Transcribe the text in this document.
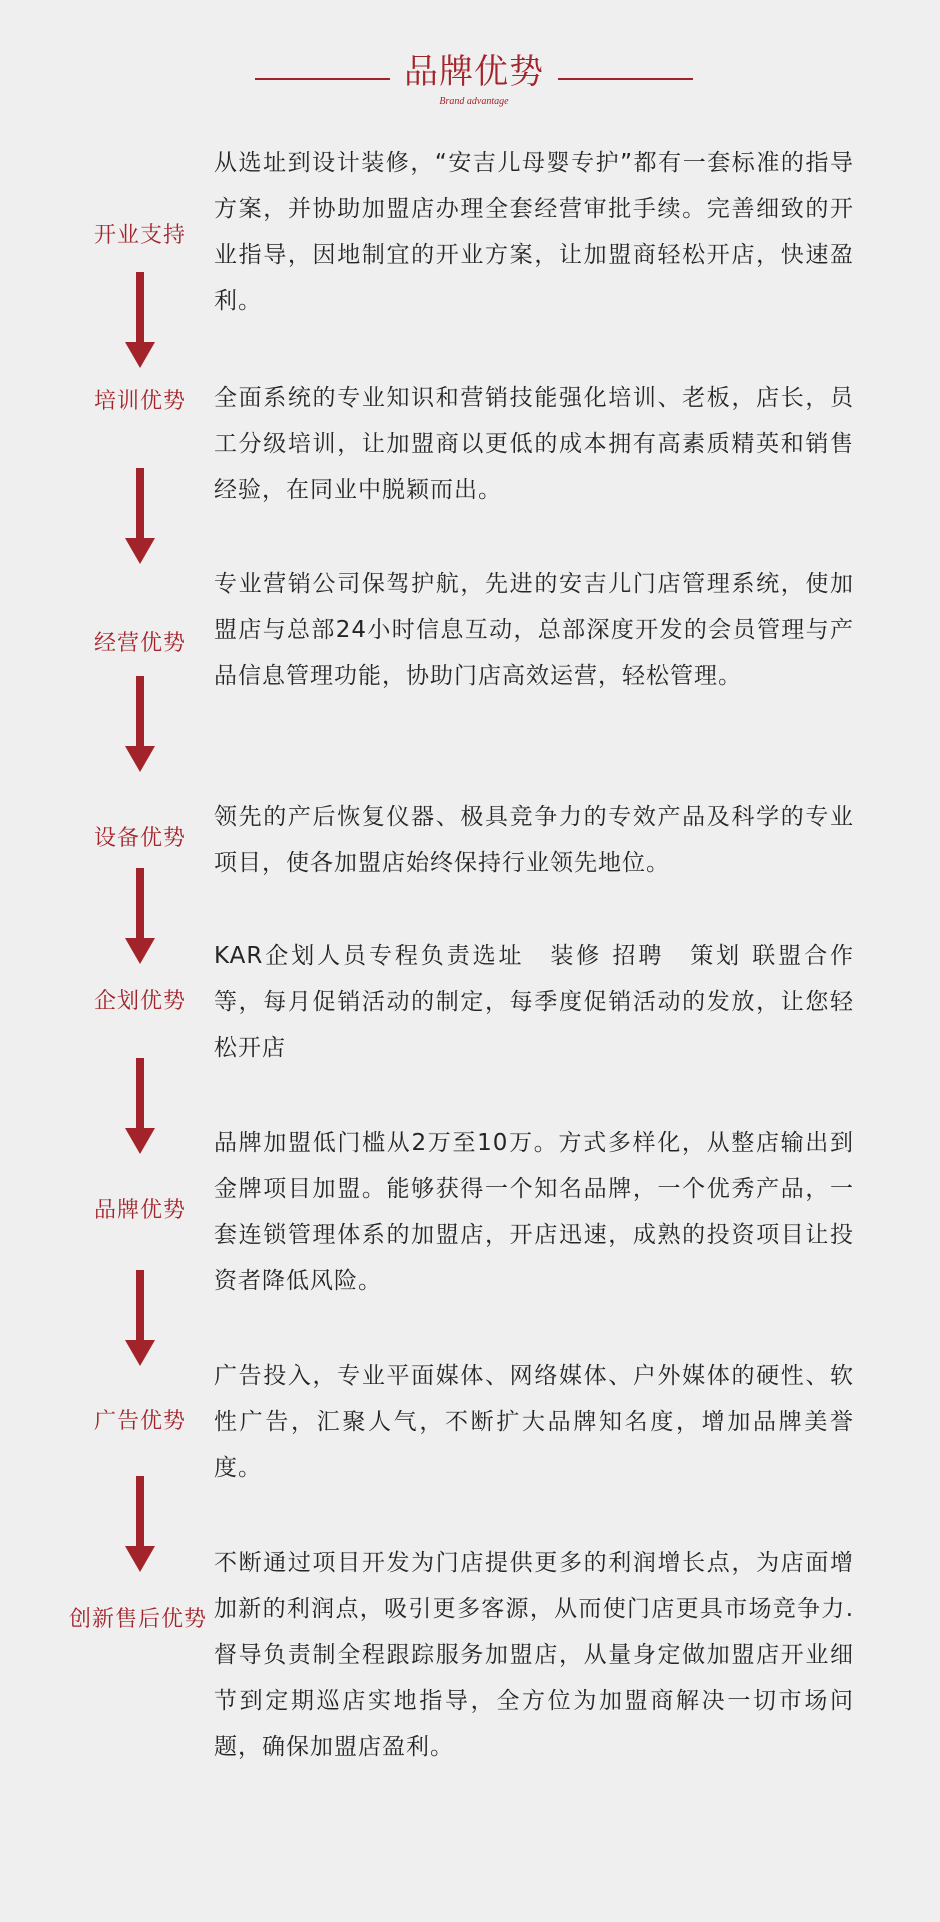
品牌优势
Brand advantage
开业支持
从选址到设计装修，“安吉儿母婴专护”都有一套标准的指导方案，并协助加盟店办理全套经营审批手续。完善细致的开业指导，因地制宜的开业方案，让加盟商轻松开店，快速盈利。
培训优势	全面系统的专业知识和营销技能强化培训、老板，店长，员工分级培训，让加盟商以更低的成本拥有高素质精英和销售经验，在同业中脱颖而出。
经营优势
专业营销公司保驾护航，先进的安吉儿门店管理系统，使加盟店与总部24小时信息互动，总部深度开发的会员管理与产品信息管理功能，协助门店高效运营，轻松管理。
设备优势
领先的产后恢复仪器、极具竞争力的专效产品及科学的专业项目，使各加盟店始终保持行业领先地位。
企划优势
KAR企划人员专程负责选址　装修 招聘　策划 联盟合作等，每月促销活动的制定，每季度促销活动的发放，让您轻松开店
品牌优势
品牌加盟低门槛从2万至10万。方式多样化，从整店输出到金牌项目加盟。能够获得一个知名品牌，一个优秀产品，一套连锁管理体系的加盟店，开店迅速，成熟的投资项目让投资者降低风险。
广告优势
广告投入，专业平面媒体、网络媒体、户外媒体的硬性、软性广告，汇聚人气，不断扩大品牌知名度，增加品牌美誉度。
创新售后优势
不断通过项目开发为门店提供更多的利润增长点，为店面增加新的利润点，吸引更多客源，从而使门店更具市场竞争力.督导负责制全程跟踪服务加盟店，从量身定做加盟店开业细节到定期巡店实地指导，全方位为加盟商解决一切市场问题，确保加盟店盈利。
